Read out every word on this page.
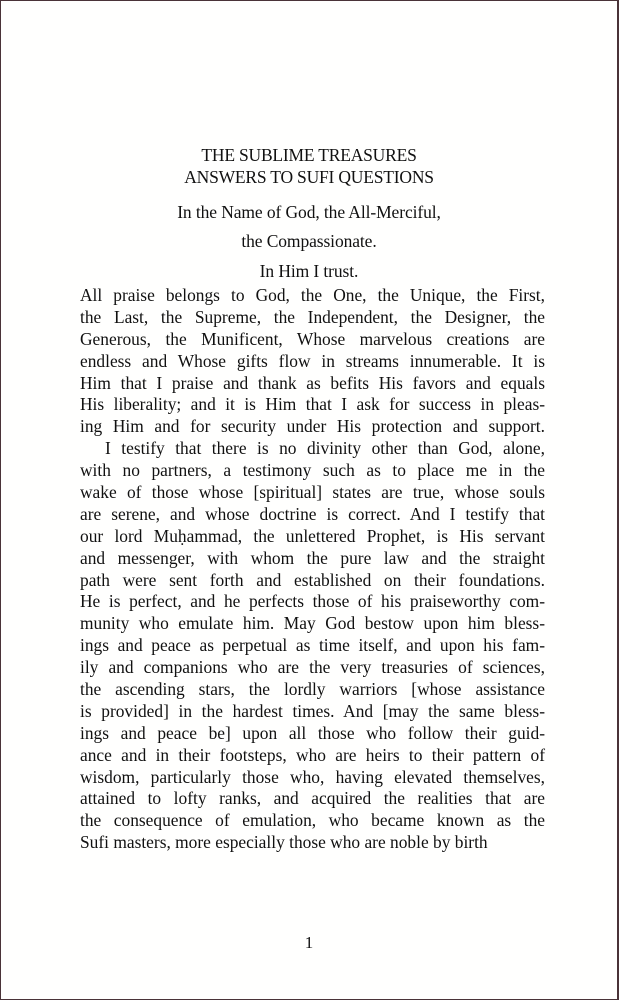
THE SUBLIME TREASURES
ANSWERS TO SUFI QUESTIONS
In the Name of God, the All-Merciful,
the Compassionate.
In Him I trust.
All praise belongs to God, the One, the Unique, the First,
the Last, the Supreme, the Independent, the Designer, the
Generous, the Munificent, Whose marvelous creations are
endless and Whose gifts flow in streams innumerable. It is
Him that I praise and thank as befits His favors and equals
His liberality; and it is Him that I ask for success in pleas-
ing Him and for security under His protection and support.
I testify that there is no divinity other than God, alone,
with no partners, a testimony such as to place me in the
wake of those whose [spiritual] states are true, whose souls
are serene, and whose doctrine is correct. And I testify that
our lord Muḥammad, the unlettered Prophet, is His servant
and messenger, with whom the pure law and the straight
path were sent forth and established on their foundations.
He is perfect, and he perfects those of his praiseworthy com-
munity who emulate him. May God bestow upon him bless-
ings and peace as perpetual as time itself, and upon his fam-
ily and companions who are the very treasuries of sciences,
the ascending stars, the lordly warriors [whose assistance
is provided] in the hardest times. And [may the same bless-
ings and peace be] upon all those who follow their guid-
ance and in their footsteps, who are heirs to their pattern of
wisdom, particularly those who, having elevated themselves,
attained to lofty ranks, and acquired the realities that are
the consequence of emulation, who became known as the
Sufi masters, more especially those who are noble by birth
1
